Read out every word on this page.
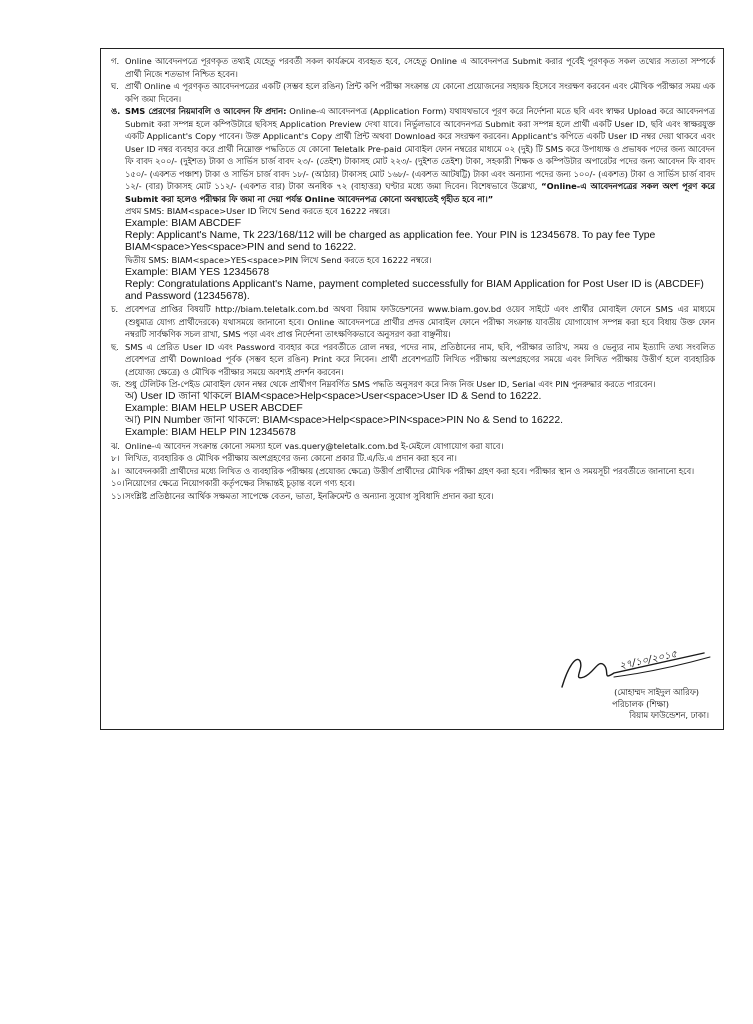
গ. Online আবেদনপত্রে পূরণকৃত তথ্যই যেহেতু পরবর্তী সকল কার্যক্রমে ব্যবহৃত হবে, সেহেতু Online এ আবেদনপত্র Submit করার পূর্বেই পূরণকৃত সকল তথ্যের সত্যতা সম্পর্কে প্রার্থী নিজে শতভাগ নিশ্চিত হবেন।
ঘ. প্রার্থী Online এ পূরণকৃত আবেদনপত্রের একটি (সম্ভব হলে রঙিন) প্রিন্ট কপি পরীক্ষা সংক্রান্ত যে কোনো প্রয়োজনের সহায়ক হিসেবে সংরক্ষণ করবেন এবং মৌখিক পরীক্ষার সময় এক কপি জমা দিবেন।
ঙ. SMS প্রেরণের নিয়মাবলি ও আবেদন ফি প্রদান: Online-এ আবেদনপত্র (Application Form) যথাযথভাবে পূরণ করে নির্দেশনা মতে ছবি এবং স্বাক্ষর Upload করে আবেদনপত্র Submit করা সম্পন্ন হলে কম্পিউটারে ছবিসহ Application Preview দেখা যাবে। নির্ভুলভাবে আবেদনপত্র Submit করা সম্পন্ন হলে প্রার্থী একটি User ID, ছবি এবং স্বাক্ষরযুক্ত একটি Applicant's Copy পাবেন। উক্ত Applicant's Copy প্রার্থী প্রিন্ট অথবা Download করে সংরক্ষণ করবেন। Applicant's কপিতে একটি User ID নম্বর দেয়া থাকবে এবং User ID নম্বর ব্যবহার করে প্রার্থী নিম্নোক্ত পদ্ধতিতে যে কোনো Teletalk Pre-paid মোবাইল ফোন নম্বরের মাধ্যমে ০২ (দুই) টি SMS করে উপাধ্যক্ষ ও প্রভাষক পদের জন্য আবেদন ফি বাবদ ২০০/- (দুইশত) টাকা ও সার্ভিস চার্জ বাবদ ২৩/- (তেইশ) টাকাসহ মোট ২২৩/- (দুইশত তেইশ) টাকা, সহকারী শিক্ষক ও কম্পিউটার অপারেটর পদের জন্য আবেদন ফি বাবদ ১৫০/- (একশত পঞ্চাশ) টাকা ও সার্ভিস চার্জ বাবদ ১৮/- (আঠার) টাকাসহ মোট ১৬৮/- (একশত আটষট্টি) টাকা এবং অন্যান্য পদের জন্য ১০০/- (একশত) টাকা ও সার্ভিস চার্জ বাবদ ১২/- (বার) টাকাসহ মোট ১১২/- (একশত বার) টাকা অনধিক ৭২ (বাহাত্তর) ঘণ্টার মধ্যে জমা দিবেন। বিশেষভাবে উল্লেখ্য, “Online-এ আবেদনপত্রের সকল অংশ পূরণ করে Submit করা হলেও পরীক্ষার ফি জমা না দেয়া পর্যন্ত Online আবেদনপত্র কোনো অবস্থাতেই গৃহীত হবে না।”

প্রথম SMS: BIAM<space>User ID লিখে Send করতে হবে 16222 নম্বরে।

Example: BIAM ABCDEF

Reply: Applicant's Name, Tk 223/168/112 will be charged as application fee. Your PIN is 12345678. To pay fee Type BIAM<space>Yes<space>PIN and send to 16222.

দ্বিতীয় SMS: BIAM<space>YES<space>PIN লিখে Send করতে হবে 16222 নম্বরে।

Example: BIAM YES 12345678

Reply: Congratulations Applicant's Name, payment completed successfully for BIAM Application for Post User ID is (ABCDEF) and Password (12345678).

চ. প্রবেশপত্র প্রাপ্তির বিষয়টি http://biam.teletalk.com.bd অথবা বিয়াম ফাউন্ডেশনের www.biam.gov.bd ওয়েব সাইটে এবং প্রার্থীর মোবাইল ফোনে SMS এর মাধ্যমে (শুধুমাত্র যোগ্য প্রার্থীদেরকে) যথাসময়ে জানানো হবে। Online আবেদনপত্রে প্রার্থীর প্রদত্ত মোবাইল ফোনে পরীক্ষা সংক্রান্ত যাবতীয় যোগাযোগ সম্পন্ন করা হবে বিধায় উক্ত ফোন নম্বরটি সার্বক্ষণিক সচল রাখা, SMS পড়া এবং প্রাপ্ত নির্দেশনা তাৎক্ষণিকভাবে অনুসরণ করা বাঞ্ছনীয়।
ছ. SMS এ প্রেরিত User ID এবং Password ব্যবহার করে পরবর্তীতে রোল নম্বর, পদের নাম, প্রতিষ্ঠানের নাম, ছবি, পরীক্ষার তারিখ, সময় ও ভেন্যুর নাম ইত্যাদি তথ্য সংবলিত প্রবেশপত্র প্রার্থী Download পূর্বক (সম্ভব হলে রঙিন) Print করে নিবেন। প্রার্থী প্রবেশপত্রটি লিখিত পরীক্ষায় অংশগ্রহণের সময়ে এবং লিখিত পরীক্ষায় উত্তীর্ণ হলে ব্যবহারিক (প্রযোজ্য ক্ষেত্রে) ও মৌখিক পরীক্ষার সময়ে অবশ্যই প্রদর্শন করবেন।
জ. শুধু টেলিটক প্রি-পেইড মোবাইল ফোন নম্বর থেকে প্রার্থীগণ নিম্নবর্ণিত SMS পদ্ধতি অনুসরণ করে নিজ নিজ User ID, Serial এবং PIN পুনরুদ্ধার করতে পারবেন।

অ) User ID জানা থাকলে BIAM<space>Help<space>User<space>User ID & Send to 16222.

Example: BIAM HELP USER ABCDEF

আ) PIN Number জানা থাকলে: BIAM<space>Help<space>PIN<space>PIN No & Send to 16222.

Example: BIAM HELP PIN 12345678

ঝ. Online-এ আবেদন সংক্রান্ত কোনো সমস্যা হলে vas.query@teletalk.com.bd ই-মেইলে যোগাযোগ করা যাবে।
৮। লিখিত, ব্যবহারিক ও মৌখিক পরীক্ষায় অংশগ্রহণের জন্য কোনো প্রকার টি.এ/ডি.এ প্রদান করা হবে না।
৯। আবেদনকারী প্রার্থীদের মধ্যে লিখিত ও ব্যবহারিক পরীক্ষায় (প্রযোজ্য ক্ষেত্রে) উত্তীর্ণ প্রার্থীদের মৌখিক পরীক্ষা গ্রহণ করা হবে। পরীক্ষার স্থান ও সময়সূচী পরবর্তীতে জানানো হবে।
১০। নিয়োগের ক্ষেত্রে নিয়োগকারী কর্তৃপক্ষের সিদ্ধান্তই চূড়ান্ত বলে গণ্য হবে।
১১। সংশ্লিষ্ট প্রতিষ্ঠানের আর্থিক সক্ষমতা সাপেক্ষে বেতন, ভাতা, ইনক্রিমেন্ট ও অন্যান্য সুযোগ সুবিধাদি প্রদান করা হবে।
২৭/১০/২০১৫
(মোহাম্মদ সাইদুল আরিফ)
পরিচালক (শিক্ষা)
বিয়াম ফাউন্ডেশন, ঢাকা।
